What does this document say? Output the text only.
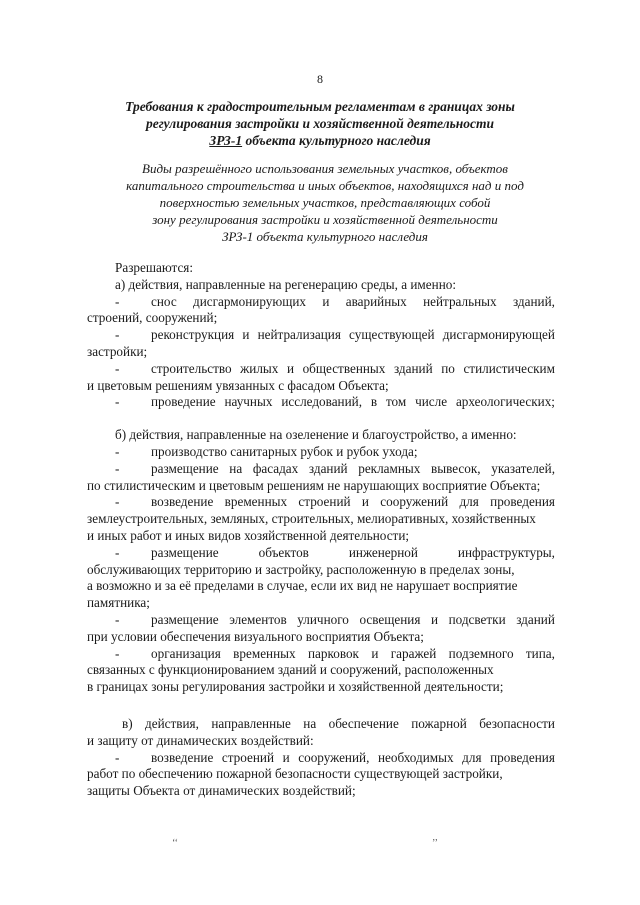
8
Требования к градостроительным регламентам в границах зоны
регулирования застройки и хозяйственной деятельности
ЗРЗ-1 объекта культурного наследия
Виды разрешённого использования земельных участков, объектов
капитального строительства и иных объектов, находящихся над и под
поверхностью земельных участков, представляющих собой
зону регулирования застройки и хозяйственной деятельности
ЗРЗ-1 объекта культурного наследия
Разрешаются:
а) действия, направленные на регенерацию среды, а именно:
- снос дисгармонирующих и аварийных нейтральных зданий,
строений, сооружений;
- реконструкция и нейтрализация существующей дисгармонирующей
застройки;
- строительство жилых и общественных зданий по стилистическим
и цветовым решениям увязанных с фасадом Объекта;
- проведение научных исследований, в том числе археологических;
б) действия, направленные на озеленение и благоустройство, а именно:
- производство санитарных рубок и рубок ухода;
- размещение на фасадах зданий рекламных вывесок, указателей,
по стилистическим и цветовым решениям не нарушающих восприятие Объекта;
- возведение временных строений и сооружений для проведения
землеустроительных, земляных, строительных, мелиоративных, хозяйственных
и иных работ и иных видов хозяйственной деятельности;
- размещение	объектов	инженерной	инфраструктуры,
обслуживающих территорию и застройку, расположенную в пределах зоны,
а возможно и за её пределами в случае, если их вид не нарушает восприятие
памятника;
- размещение элементов уличного освещения и подсветки зданий
при условии обеспечения визуального восприятия Объекта;
- организация временных парковок и гаражей подземного типа,
связанных с функционированием зданий и сооружений, расположенных
в границах зоны регулирования застройки и хозяйственной деятельности;
в) действия, направленные на обеспечение пожарной безопасности
и защиту от динамических воздействий:
- возведение строений и сооружений, необходимых для проведения
работ по обеспечению пожарной безопасности существующей застройки,
защиты Объекта от динамических воздействий;
‘‘	’’
